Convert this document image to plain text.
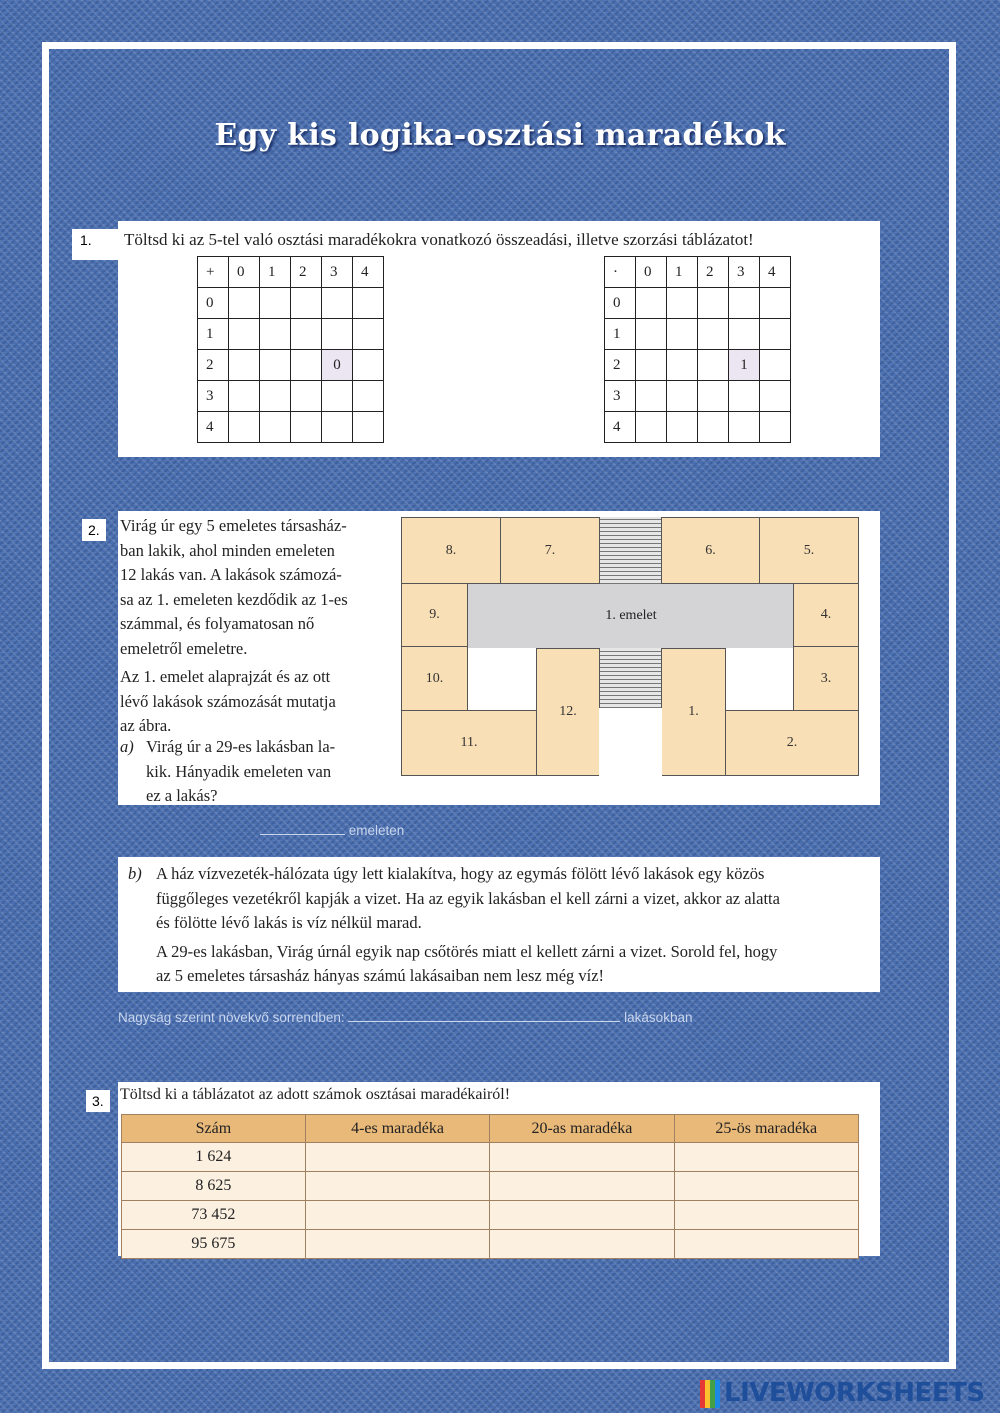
Egy kis logika-osztási maradékok
1.	Töltsd ki az 5-tel való osztási maradékokra vonatkozó összeadási, illetve szorzási táblázatot!
+	0	1	2	3	4
0					
1					
2				0	
3					
4					
·	0	1	2	3	4
0					
1					
2				1	
3					
4					
2.	Virág úr egy 5 emeletes társasház-
ban lakik, ahol minden emeleten
12 lakás van. A lakások számozá-
sa az 1. emeleten kezdődik az 1-es
számmal, és folyamatosan nő
emeletről emeletre.
Az 1. emelet alaprajzát és az ott
lévő lakások számozását mutatja
az ábra.
a) Virág úr a 29-es lakásban la-
kik. Hányadik emeleten van
ez a lakás?
1. emelet
8.	7.	6.	5.
9.	4.
10.	3.
11.
12.	1.
2.
emeleten
b) A ház vízvezeték-hálózata úgy lett kialakítva, hogy az egymás fölött lévő lakások egy közös
függőleges vezetékről kapják a vizet. Ha az egyik lakásban el kell zárni a vizet, akkor az alatta
és fölötte lévő lakás is víz nélkül marad.
A 29-es lakásban, Virág úrnál egyik nap csőtörés miatt el kellett zárni a vizet. Sorold fel, hogy
az 5 emeletes társasház hányas számú lakásaiban nem lesz még víz!
Nagyság szerint növekvő sorrendben:	lakásokban
3.	Töltsd ki a táblázatot az adott számok osztásai maradékairól!
Szám	4-es maradéka	20-as maradéka	25-ös maradéka
1 624			
8 625			
73 452			
95 675			
LIVEWORKSHEETS
